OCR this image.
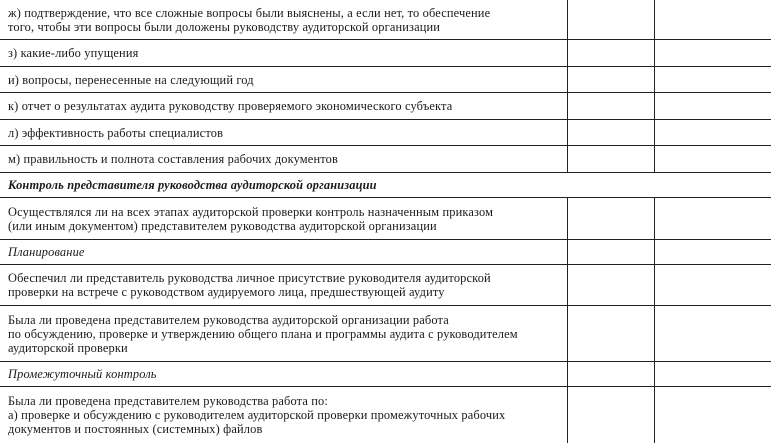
ж) подтверждение, что все сложные вопросы были выяснены, а если нет, то обеспечение
того, чтобы эти вопросы были доложены руководству аудиторской организации		

з) какие-либо упущения		

и) вопросы, перенесенные на следующий год		

к) отчет о результатах аудита руководству проверяемого экономического субъекта		

л) эффективность работы специалистов		

м) правильность и полнота составления рабочих документов		

Контроль представителя руководства аудиторской организации		

Осуществлялся ли на всех этапах аудиторской проверки контроль назначенным приказом
(или иным документом) представителем руководства аудиторской организации		

Планирование		

Обеспечил ли представитель руководства личное присутствие руководителя аудиторской
проверки на встрече с руководством аудируемого лица, предшествующей аудиту		

Была ли проведена представителем руководства аудиторской организации работа
по обсуждению, проверке и утверждению общего плана и программы аудита с руководителем
аудиторской проверки		

Промежуточный контроль		

Была ли проведена представителем руководства работа по:
а) проверке и обсуждению с руководителем аудиторской проверки промежуточных рабочих
документов и постоянных (системных) файлов		
